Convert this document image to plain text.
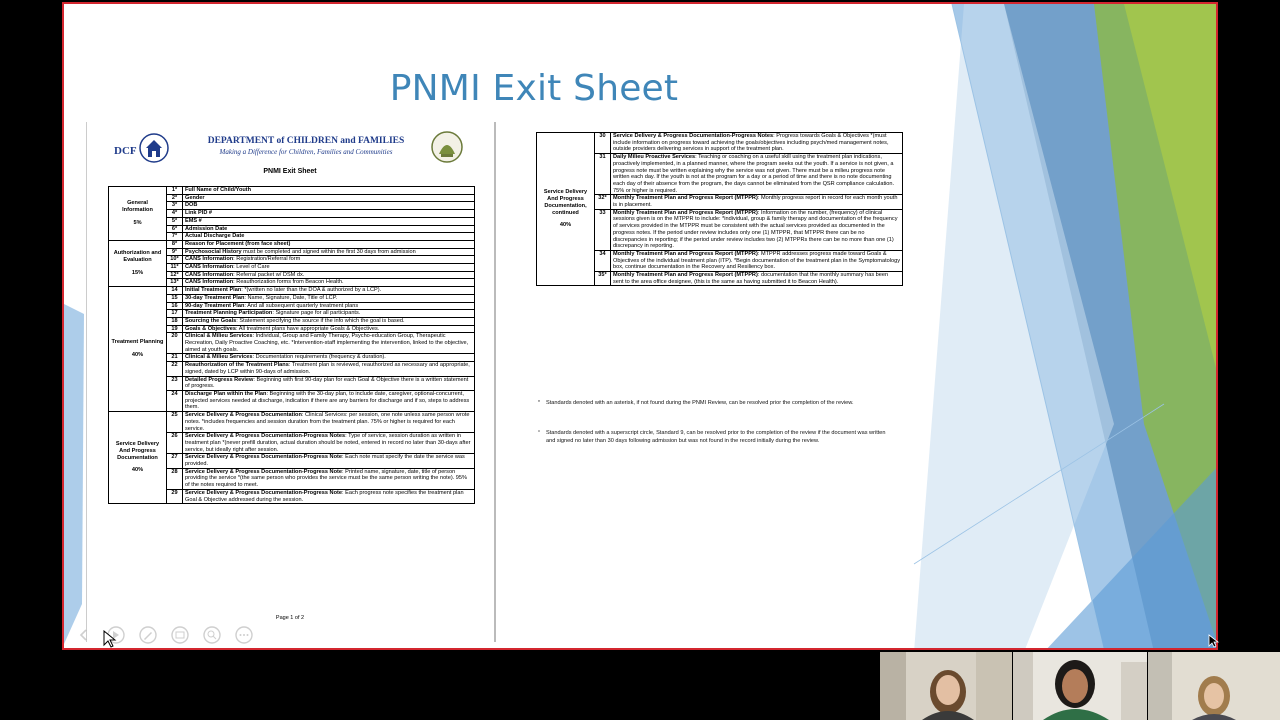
PNMI Exit Sheet
DCF
DEPARTMENT of CHILDREN and FAMILIES
Making a Difference for Children, Families and Communities
PNMI Exit Sheet
General Information
5%	1*	Full Name of Child/Youth
	2*	Gender
	3*	DOB
	4*	Link PID #
	5*	EMS #
	6*	Admission Date
	7*	Actual Discharge Date

Authorization and Evaluation
15%	8*	Reason for Placement (from face sheet)
	9°	Psychosocial History must be completed and signed within the first 30 days from admission
	10*	CANS Information: Registration/Referral form
	11*	CANS Information: Level of Care
	12*	CANS Information: Referral packet w/ DSM dx.
	13*	CANS Information: Reauthorization forms from Beacon Health.

Treatment Planning
40%	14	Initial Treatment Plan: *(written no later than the DOA & authorized by a LCP).
	15	30-day Treatment Plan: Name, Signature, Date, Title of LCP.
	16	90-day Treatment Plan: And all subsequent quarterly treatment plans
	17	Treatment Planning Participation: Signature page for all participants.
	18	Sourcing the Goals: Statement specifying the source if the info which the goal is based.
	19	Goals & Objectives: All treatment plans have appropriate Goals & Objectives.
	20	Clinical & Milieu Services: Individual, Group and Family Therapy, Psycho-education Group, Therapeutic Recreation, Daily Proactive Coaching, etc. *Intervention-staff implementing the intervention, linked to the objective, aimed at youth goals.
	21	Clinical & Milieu Services: Documentation requirements (frequency & duration).
	22	Reauthorization of the Treatment Plans: Treatment plan is reviewed, reauthorized as necessary and appropriate, signed, dated by LCP within 90-days of admission.
	23	Detailed Progress Review: Beginning with first 90-day plan for each Goal & Objective there is a written statement of progress.
	24	Discharge Plan within the Plan: Beginning with the 30-day plan, to include date, caregiver, optional-concurrent, projected services needed at discharge, indication if there are any barriers for discharge and if so, steps to address them.

Service Delivery And Progress Documentation
40%	25	Service Delivery & Progress Documentation: Clinical Services: per session, one note unless same person wrote notes. *includes frequencies and session duration from the treatment plan. 75% or higher is required for each service.
	26	Service Delivery & Progress Documentation-Progress Notes: Type of service, session duration as written in treatment plan *(never prefill duration, actual duration should be noted, entered in record no later than 30-days after service, but ideally right after session.
	27	Service Delivery & Progress Documentation-Progress Note: Each note must specify the date the service was provided.
	28	Service Delivery & Progress Documentation-Progress Note: Printed name, signature, date, title of person providing the service *(the same person who provides the service must be the same person writing the note). 95% of the notes required to meet.
	29	Service Delivery & Progress Documentation-Progress Note: Each progress note specifies the treatment plan Goal & Objective addressed during the session.
Page 1 of 2
Service Delivery And Progress Documentation, continued
40%	30	Service Delivery & Progress Documentation-Progress Notes: Progress towards Goals & Objectives *(must include information on progress toward achieving the goals/objectives including psych/med management notes, outside providers delivering services in support of the treatment plan.
	31	Daily Milieu Proactive Services: Teaching or coaching on a useful skill using the treatment plan indications, proactively implemented, in a planned manner, where the program seeks out the youth. If a service is not given, a progress note must be written explaining why the service was not given. There must be a milieu progress note written each day. If the youth is not at the program for a day or a period of time and there is no note documenting each day of their absence from the program, the days cannot be eliminated from the QSR compliance calculation. 75% or higher is required.
	32*	Monthly Treatment Plan and Progress Report (MTPPR): Monthly progress report in record for each month youth is in placement.
	33	Monthly Treatment Plan and Progress Report (MTPPR): Information on the number, (frequency) of clinical sessions given is on the MTPPR to include: *individual, group & family therapy and documentation of the frequency of services provided in the MTPPR must be consistent with the actual services provided as documented in the progress notes. If the period under review includes only one (1) MTPPR, that MTPPR there can be no discrepancies in reporting; if the period under review includes two (2) MTPPRs there can be no more than one (1) discrepancy in reporting.
	34	Monthly Treatment Plan and Progress Report (MTPPR): MTPPR addresses progress made toward Goals & Objectives of the individual treatment plan (ITP). *Begin documentation of the treatment plan in the Symptomatology box, continue documentation in the Recovery and Resiliency box.
	35*	Monthly Treatment Plan and Progress Report (MTPPR): documentation that the monthly summary has been sent to the area office designee, (this is the same as having submitted it to Beacon Health).
* Standards denoted with an asterisk, if not found during the PNMI Review, can be resolved prior the completion of the review.
° Standards denoted with a superscript circle, Standard 9, can be resolved prior to the completion of the review if the document was written and signed no later than 30 days following admission but was not found in the record initially during the review.
